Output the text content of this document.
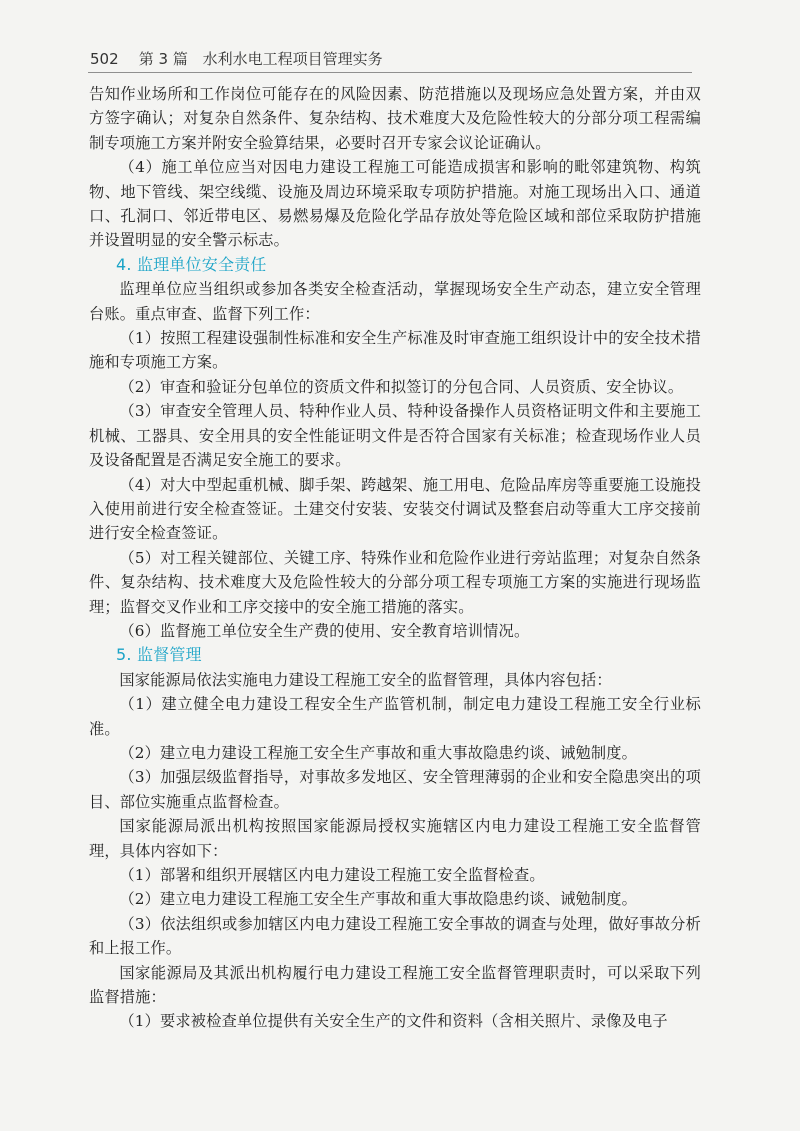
502 第 3 篇 水利水电工程项目管理实务

告知作业场所和工作岗位可能存在的风险因素、防范措施以及现场应急处置方案，并由双方签字确认；对复杂自然条件、复杂结构、技术难度大及危险性较大的分部分项工程需编制专项施工方案并附安全验算结果，必要时召开专家会议论证确认。

（4）施工单位应当对因电力建设工程施工可能造成损害和影响的毗邻建筑物、构筑物、地下管线、架空线缆、设施及周边环境采取专项防护措施。对施工现场出入口、通道口、孔洞口、邻近带电区、易燃易爆及危险化学品存放处等危险区域和部位采取防护措施并设置明显的安全警示标志。

4. 监理单位安全责任

监理单位应当组织或参加各类安全检查活动，掌握现场安全生产动态，建立安全管理台账。重点审查、监督下列工作：

（1）按照工程建设强制性标准和安全生产标准及时审查施工组织设计中的安全技术措施和专项施工方案。

（2）审查和验证分包单位的资质文件和拟签订的分包合同、人员资质、安全协议。

（3）审查安全管理人员、特种作业人员、特种设备操作人员资格证明文件和主要施工机械、工器具、安全用具的安全性能证明文件是否符合国家有关标准；检查现场作业人员及设备配置是否满足安全施工的要求。

（4）对大中型起重机械、脚手架、跨越架、施工用电、危险品库房等重要施工设施投入使用前进行安全检查签证。土建交付安装、安装交付调试及整套启动等重大工序交接前进行安全检查签证。

（5）对工程关键部位、关键工序、特殊作业和危险作业进行旁站监理；对复杂自然条件、复杂结构、技术难度大及危险性较大的分部分项工程专项施工方案的实施进行现场监理；监督交叉作业和工序交接中的安全施工措施的落实。

（6）监督施工单位安全生产费的使用、安全教育培训情况。

5. 监督管理

国家能源局依法实施电力建设工程施工安全的监督管理，具体内容包括：

（1）建立健全电力建设工程安全生产监管机制，制定电力建设工程施工安全行业标准。

（2）建立电力建设工程施工安全生产事故和重大事故隐患约谈、诫勉制度。

（3）加强层级监督指导，对事故多发地区、安全管理薄弱的企业和安全隐患突出的项目、部位实施重点监督检查。

国家能源局派出机构按照国家能源局授权实施辖区内电力建设工程施工安全监督管理，具体内容如下：

（1）部署和组织开展辖区内电力建设工程施工安全监督检查。

（2）建立电力建设工程施工安全生产事故和重大事故隐患约谈、诫勉制度。

（3）依法组织或参加辖区内电力建设工程施工安全事故的调查与处理，做好事故分析和上报工作。

国家能源局及其派出机构履行电力建设工程施工安全监督管理职责时，可以采取下列监督措施：

（1）要求被检查单位提供有关安全生产的文件和资料（含相关照片、录像及电子
